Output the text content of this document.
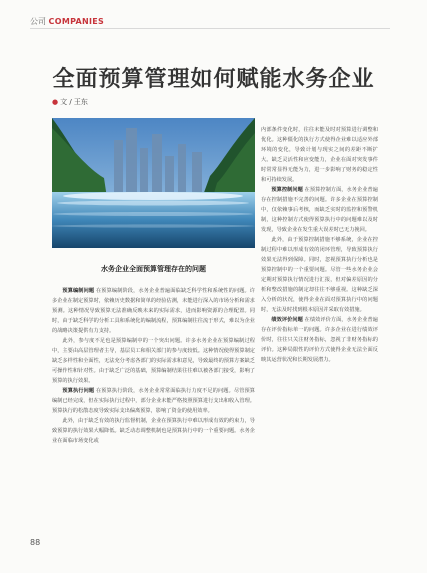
公司 COMPANIES
全面预算管理如何赋能水务企业
● 文 / 王东
水务企业全面预算管理存在的问题

预算编制问题 在预算编制阶段，水务企业普遍面临缺乏科学性和系统性的问题。许多企业在制定预算时，依赖历史数据和简单的经验估测，未能进行深入的市场分析和需求预测。这种情况导致预算无法准确反映未来的实际需求，进而影响资源的合理配置。同时，由于缺乏科学的分析工具和系统化的编制流程，预算编制往往流于形式，难以为企业的战略决策提供有力支持。

此外，参与度不足也是预算编制中的一个突出问题。许多水务企业在预算编制过程中，主要由高层管理者主导，基层员工和相关部门的参与度较低。这种情况使得预算制定缺乏多样性和全面性，无法充分考虑各部门的实际需求和意见，导致最终的预算方案缺乏可操作性和针对性。由于缺乏广泛的基础，预算编制结果往往难以被各部门接受，影响了预算的执行效果。

预算执行问题 在预算执行阶段，水务企业常常面临执行力度不足的问题。尽管预算编制已经完成，但在实际执行过程中，部分企业未能严格按照预算进行支出和收入管理。预算执行的松散态度导致实际支出偏离预算，影响了资金的使用效率。

此外，由于缺乏有效的执行监督机制，企业在预算执行中难以形成有效的约束力，导致预算的执行效果大幅降低。缺乏动态调整机制也是预算执行中的一个重要问题。水务企业在面临市场变化或

内部条件变化时，往往未能及时对预算进行调整和优化。这种僵化的执行方式使得企业难以适应外部环境的变化，导致计划与现实之间的差距不断扩大。缺乏灵活性和应变能力，企业在面对突发事件时常常显得无能为力，进一步影响了财务的稳定性和可持续发展。

预算控制问题 在预算控制方面，水务企业普遍存在控制措施不完善的问题。许多企业在预算控制中，仅依赖事后考核，而缺乏实时的监控和预警机制，这种控制方式使得预算执行中的问题难以及时发现，导致企业在发生重大误差时已无力挽回。

此外，由于预算控制措施不够系统，企业在控制过程中难以形成有效的闭环管理，导致预算执行效果无法得到保障。同时，忽视预算执行分析也是预算控制中的一个重要问题。尽管一些水务企业会定期对预算执行情况进行汇报，但对偏差原因的分析和整改措施的制定却往往不够重视。这种缺乏深入分析的状况，使得企业在面对预算执行中的问题时，无法及时找到根本原因并采取有效措施。

绩效评价问题 在绩效评价方面，水务企业普遍存在评价指标单一的问题。许多企业在进行绩效评价时，往往只关注财务指标，忽视了非财务指标的评价。这种局限性的评价方式使得企业无法全面反映其运营状况和长期发展潜力。

88
